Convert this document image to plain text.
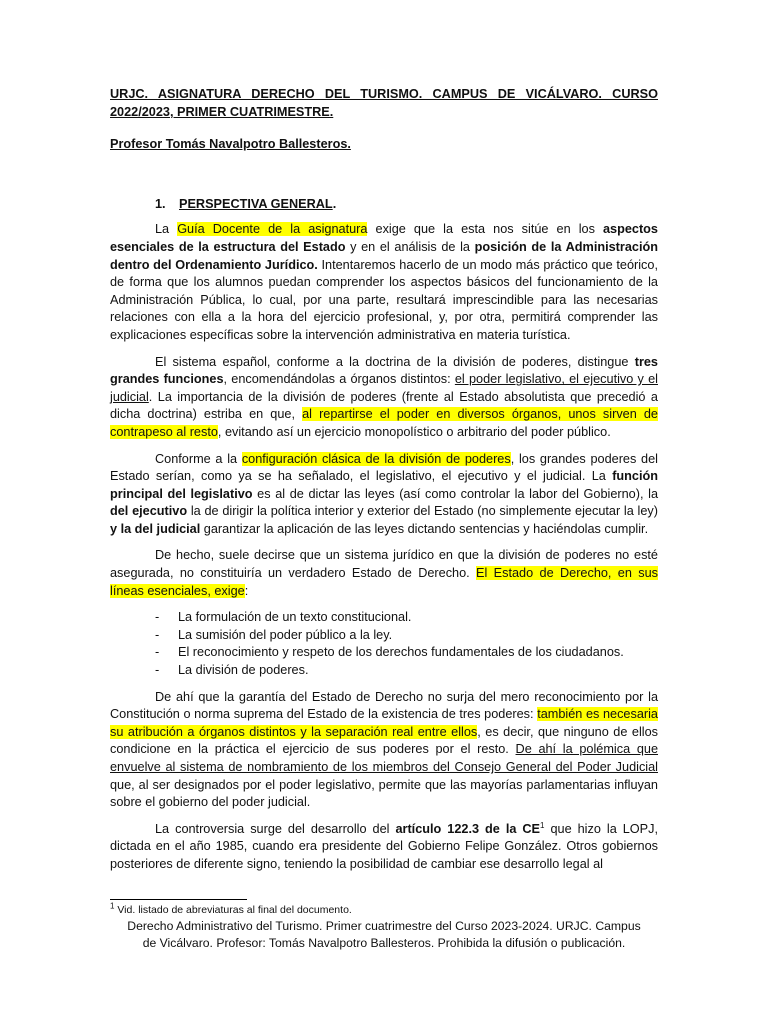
URJC. ASIGNATURA DERECHO DEL TURISMO. CAMPUS DE VICÁLVARO. CURSO 2022/2023, PRIMER CUATRIMESTRE.

Profesor Tomás Navalpotro Ballesteros.

1. PERSPECTIVA GENERAL.

La Guía Docente de la asignatura exige que la esta nos sitúe en los aspectos esenciales de la estructura del Estado y en el análisis de la posición de la Administración dentro del Ordenamiento Jurídico. Intentaremos hacerlo de un modo más práctico que teórico, de forma que los alumnos puedan comprender los aspectos básicos del funcionamiento de la Administración Pública, lo cual, por una parte, resultará imprescindible para las necesarias relaciones con ella a la hora del ejercicio profesional, y, por otra, permitirá comprender las explicaciones específicas sobre la intervención administrativa en materia turística.

El sistema español, conforme a la doctrina de la división de poderes, distingue tres grandes funciones, encomendándolas a órganos distintos: el poder legislativo, el ejecutivo y el judicial. La importancia de la división de poderes (frente al Estado absolutista que precedió a dicha doctrina) estriba en que, al repartirse el poder en diversos órganos, unos sirven de contrapeso al resto, evitando así un ejercicio monopolístico o arbitrario del poder público.

Conforme a la configuración clásica de la división de poderes, los grandes poderes del Estado serían, como ya se ha señalado, el legislativo, el ejecutivo y el judicial. La función principal del legislativo es al de dictar las leyes (así como controlar la labor del Gobierno), la del ejecutivo la de dirigir la política interior y exterior del Estado (no simplemente ejecutar la ley) y la del judicial garantizar la aplicación de las leyes dictando sentencias y haciéndolas cumplir.

De hecho, suele decirse que un sistema jurídico en que la división de poderes no esté asegurada, no constituiría un verdadero Estado de Derecho. El Estado de Derecho, en sus líneas esenciales, exige:

- La formulación de un texto constitucional.
- La sumisión del poder público a la ley.
- El reconocimiento y respeto de los derechos fundamentales de los ciudadanos.
- La división de poderes.

De ahí que la garantía del Estado de Derecho no surja del mero reconocimiento por la Constitución o norma suprema del Estado de la existencia de tres poderes: también es necesaria su atribución a órganos distintos y la separación real entre ellos, es decir, que ninguno de ellos condicione en la práctica el ejercicio de sus poderes por el resto. De ahí la polémica que envuelve al sistema de nombramiento de los miembros del Consejo General del Poder Judicial que, al ser designados por el poder legislativo, permite que las mayorías parlamentarias influyan sobre el gobierno del poder judicial.

La controversia surge del desarrollo del artículo 122.3 de la $CE^1$ que hizo la LOPJ, dictada en el año 1985, cuando era presidente del Gobierno Felipe González. Otros gobiernos posteriores de diferente signo, teniendo la posibilidad de cambiar ese desarrollo legal al

$^1$ Vid. listado de abreviaturas al final del documento.
Derecho Administrativo del Turismo. Primer cuatrimestre del Curso 2023-2024. URJC. Campus
de Vicálvaro. Profesor: Tomás Navalpotro Ballesteros. Prohibida la difusión o publicación.
